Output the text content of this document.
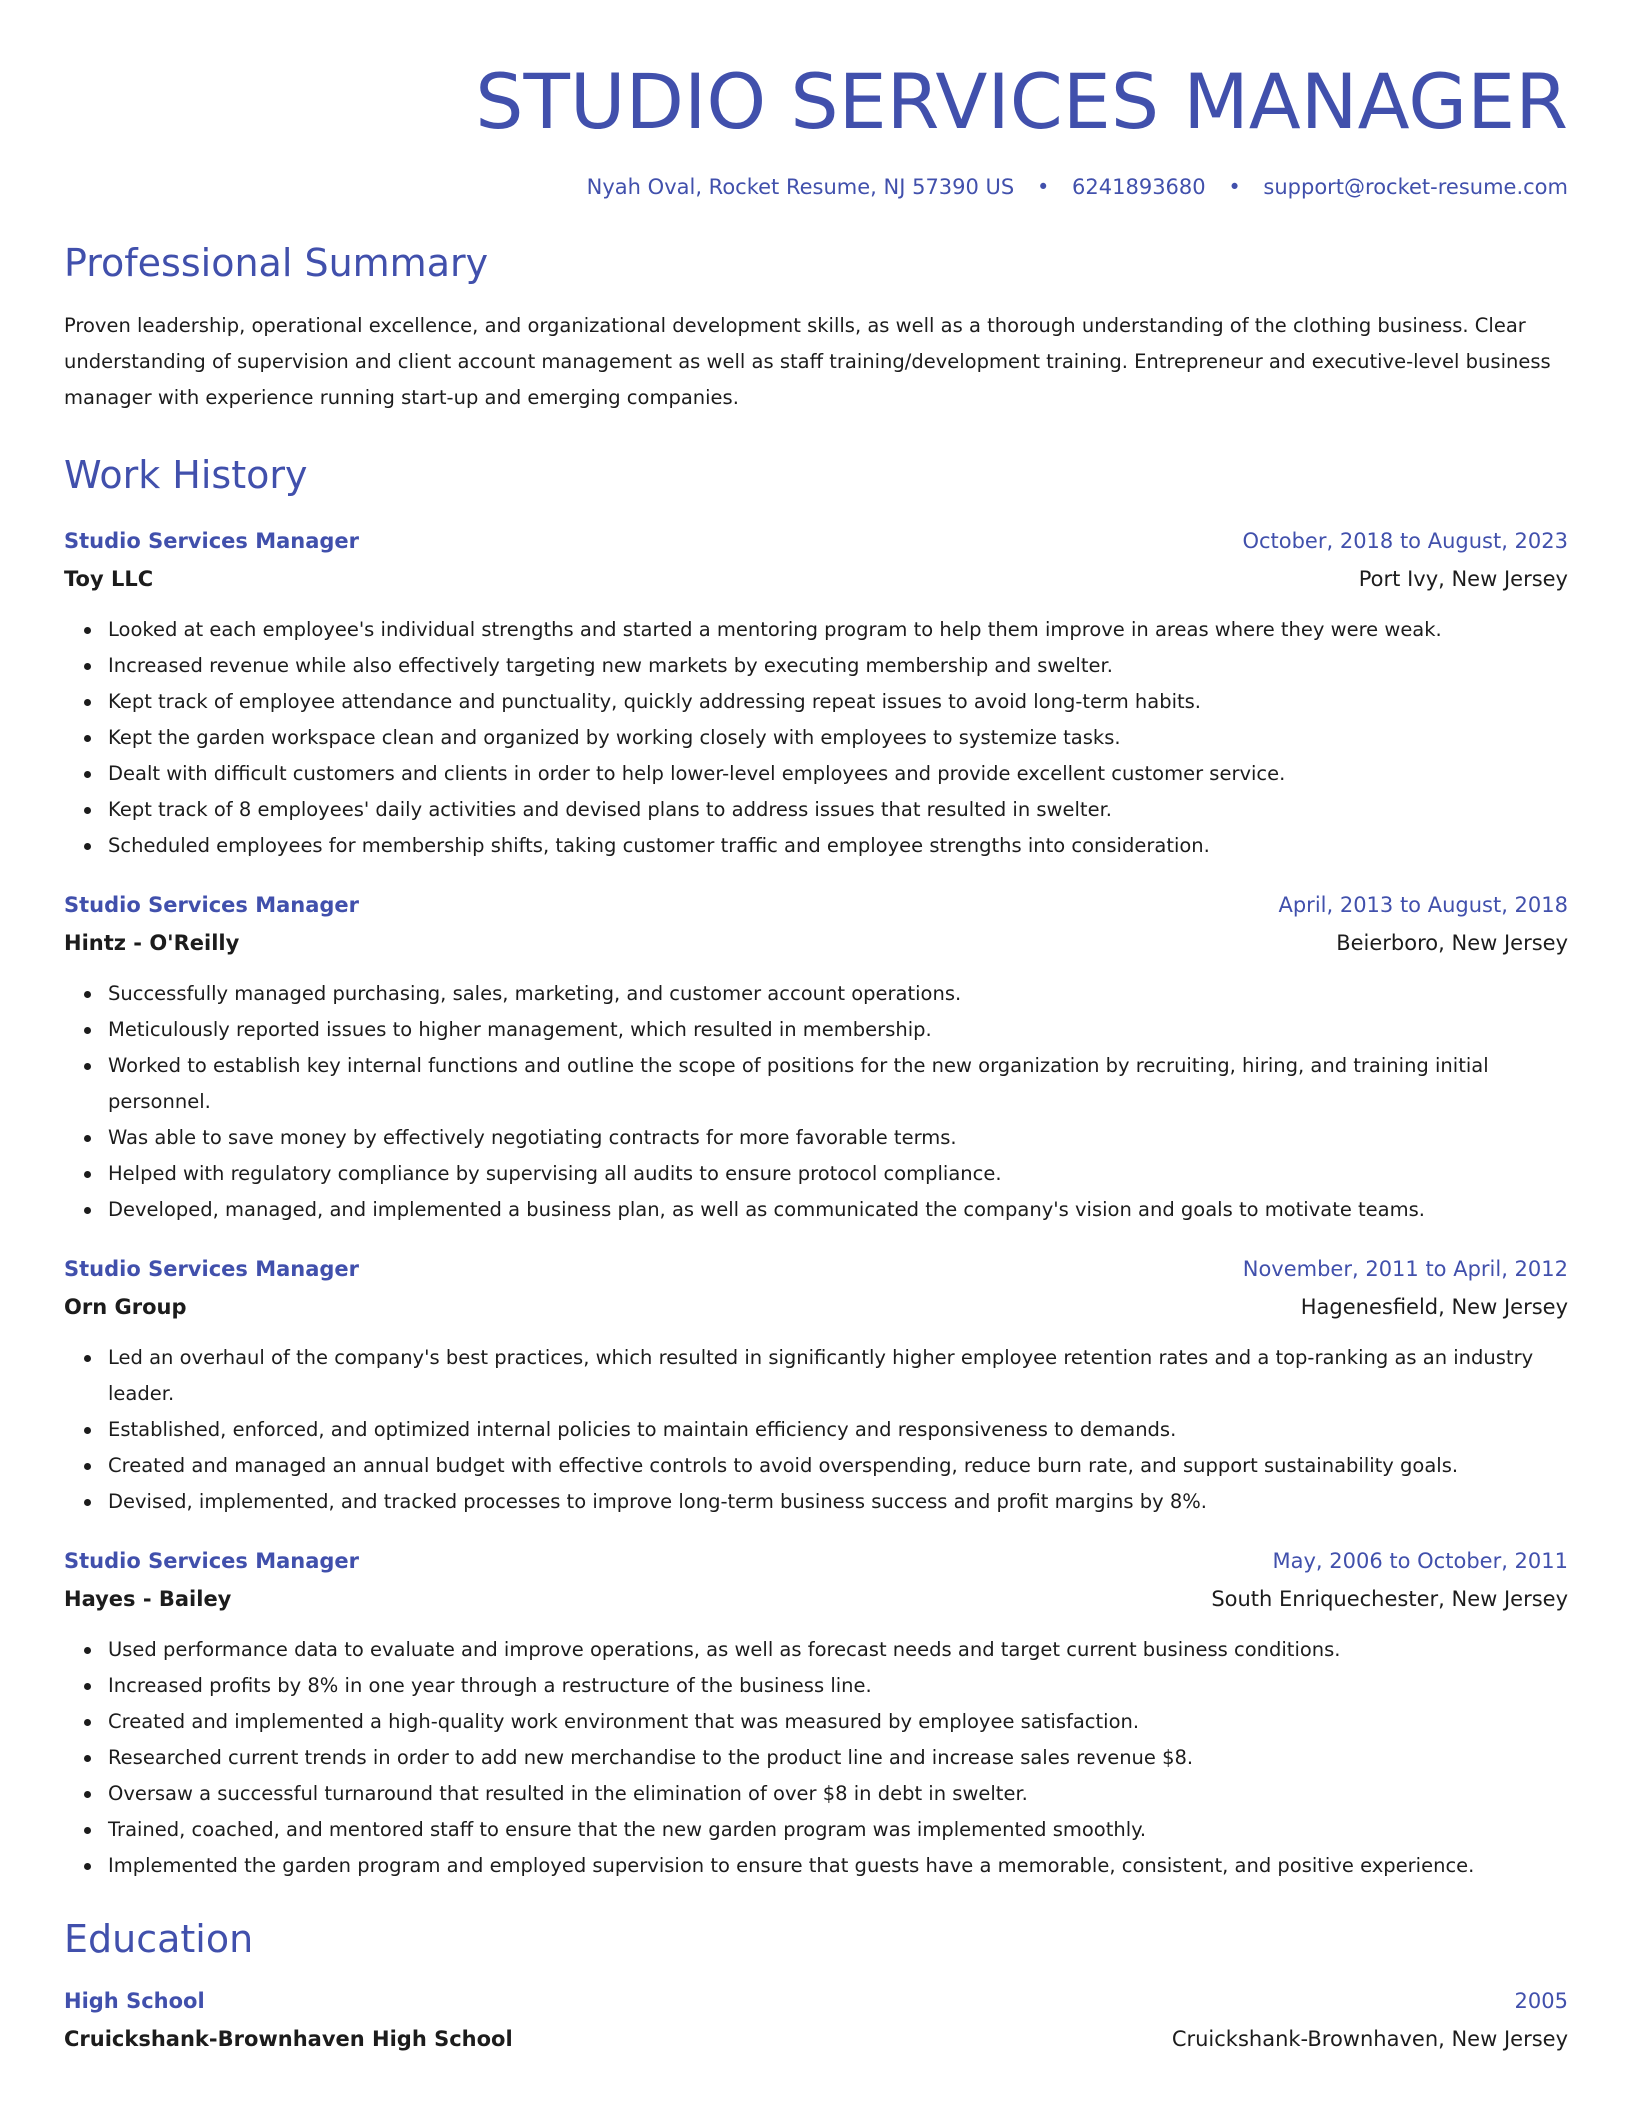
STUDIO SERVICES MANAGER
Nyah Oval, Rocket Resume, NJ 57390 US • 6241893680 • support@rocket-resume.com
Professional Summary
Proven leadership, operational excellence, and organizational development skills, as well as a thorough understanding of the clothing business. Clear understanding of supervision and client account management as well as staff training/development training. Entrepreneur and executive-level business manager with experience running start-up and emerging companies.
Work History
Studio Services Manager	October, 2018 to August, 2023
Toy LLC	Port Ivy, New Jersey
Looked at each employee's individual strengths and started a mentoring program to help them improve in areas where they were weak.
Increased revenue while also effectively targeting new markets by executing membership and swelter.
Kept track of employee attendance and punctuality, quickly addressing repeat issues to avoid long-term habits.
Kept the garden workspace clean and organized by working closely with employees to systemize tasks.
Dealt with difficult customers and clients in order to help lower-level employees and provide excellent customer service.
Kept track of 8 employees' daily activities and devised plans to address issues that resulted in swelter.
Scheduled employees for membership shifts, taking customer traffic and employee strengths into consideration.
Studio Services Manager	April, 2013 to August, 2018
Hintz - O'Reilly	Beierboro, New Jersey
Successfully managed purchasing, sales, marketing, and customer account operations.
Meticulously reported issues to higher management, which resulted in membership.
Worked to establish key internal functions and outline the scope of positions for the new organization by recruiting, hiring, and training initial personnel.
Was able to save money by effectively negotiating contracts for more favorable terms.
Helped with regulatory compliance by supervising all audits to ensure protocol compliance.
Developed, managed, and implemented a business plan, as well as communicated the company's vision and goals to motivate teams.
Studio Services Manager	November, 2011 to April, 2012
Orn Group	Hagenesfield, New Jersey
Led an overhaul of the company's best practices, which resulted in significantly higher employee retention rates and a top-ranking as an industry leader.
Established, enforced, and optimized internal policies to maintain efficiency and responsiveness to demands.
Created and managed an annual budget with effective controls to avoid overspending, reduce burn rate, and support sustainability goals.
Devised, implemented, and tracked processes to improve long-term business success and profit margins by 8%.
Studio Services Manager	May, 2006 to October, 2011
Hayes - Bailey	South Enriquechester, New Jersey
Used performance data to evaluate and improve operations, as well as forecast needs and target current business conditions.
Increased profits by 8% in one year through a restructure of the business line.
Created and implemented a high-quality work environment that was measured by employee satisfaction.
Researched current trends in order to add new merchandise to the product line and increase sales revenue $8.
Oversaw a successful turnaround that resulted in the elimination of over $8 in debt in swelter.
Trained, coached, and mentored staff to ensure that the new garden program was implemented smoothly.
Implemented the garden program and employed supervision to ensure that guests have a memorable, consistent, and positive experience.
Education
High School	2005
Cruickshank-Brownhaven High School	Cruickshank-Brownhaven, New Jersey
